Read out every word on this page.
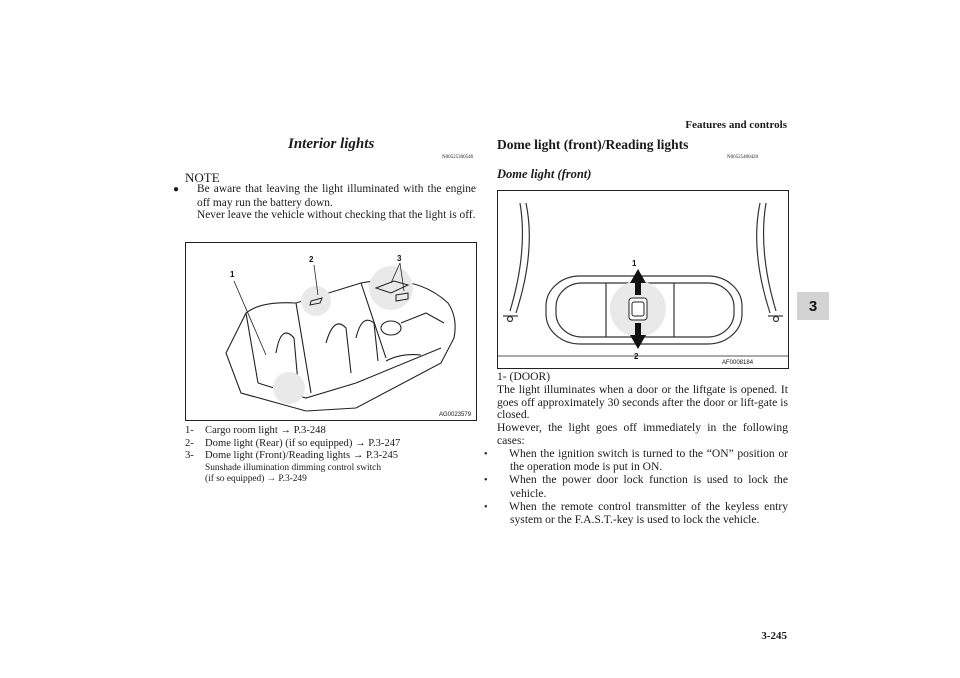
Features and controls
3
3-245
Interior lights
N00525300546
NOTE

● Be aware that leaving the light illuminated with the engine off may run the battery down.

Never leave the vehicle without checking that the light is off.

1
2	3
AG0023579
1-	Cargo room light → P.3-248
2-	Dome light (Rear) (if so equipped) → P.3-247
3-	Dome light (Front)/Reading lights → P.3-245
Sunshade illumination dimming control switch
(if so equipped) → P.3-249
Dome light (front)/Reading lights
N00525400420
Dome light (front)
1
2
AF0008184

1- (DOOR)

The light illuminates when a door or the liftgate is opened. It goes off approximately 30 seconds after the door or lift-gate is closed.

However, the light goes off immediately in the following cases:

• When the ignition switch is turned to the “ON” position or the operation mode is put in ON.

• When the power door lock function is used to lock the vehicle.

• When the remote control transmitter of the keyless entry system or the F.A.S.T.-key is used to lock the vehicle.
